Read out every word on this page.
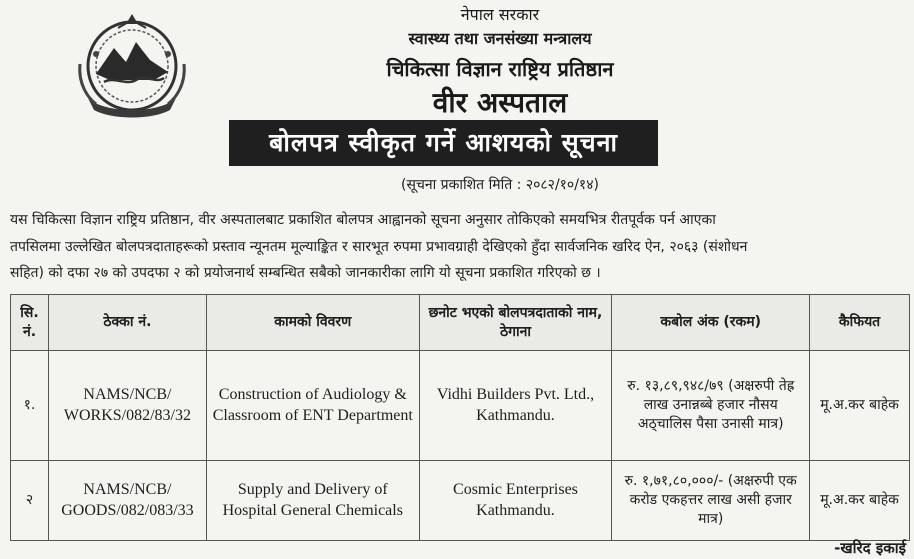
नेपाल सरकार
स्वास्थ्य तथा जनसंख्या मन्त्रालय
चिकित्सा विज्ञान राष्ट्रिय प्रतिष्ठान
वीर अस्पताल
बोलपत्र स्वीकृत गर्ने आशयको सूचना
(सूचना प्रकाशित मिति : २०८२/१०/१४)
यस चिकित्सा विज्ञान राष्ट्रिय प्रतिष्ठान, वीर अस्पतालबाट प्रकाशित बोलपत्र आह्वानको सूचना अनुसार तोकिएको समयभित्र रीतपूर्वक पर्न आएका
तपसिलमा उल्लेखित बोलपत्रदाताहरूको प्रस्ताव न्यूनतम मूल्याङ्कित र सारभूत रुपमा प्रभावग्राही देखिएको हुँदा सार्वजनिक खरिद ऐन, २०६३ (संशोधन
सहित) को दफा २७ को उपदफा २ को प्रयोजनार्थ सम्बन्धित सबैको जानकारीका लागि यो सूचना प्रकाशित गरिएको छ ।
सि. नं.	ठेक्का नं.	कामको विवरण	छनोट भएको बोलपत्रदाताको नाम, ठेगाना	कबोल अंक (रकम)	कैफियत
१.	NAMS/NCB/ WORKS/082/83/32	Construction of Audiology & Classroom of ENT Department	Vidhi Builders Pvt. Ltd., Kathmandu.	रु. १३,८९,९४८/७९ (अक्षरुपी तेह्र लाख उनान्नब्बे हजार नौसय अठ्चालिस पैसा उनासी मात्र)	मू.अ.कर बाहेक
२	NAMS/NCB/ GOODS/082/083/33	Supply and Delivery of Hospital General Chemicals	Cosmic Enterprises Kathmandu.	रु. १,७१,८०,०००/- (अक्षरुपी एक करोड एकहत्तर लाख असी हजार मात्र)	मू.अ.कर बाहेक
-खरिद इकाई
